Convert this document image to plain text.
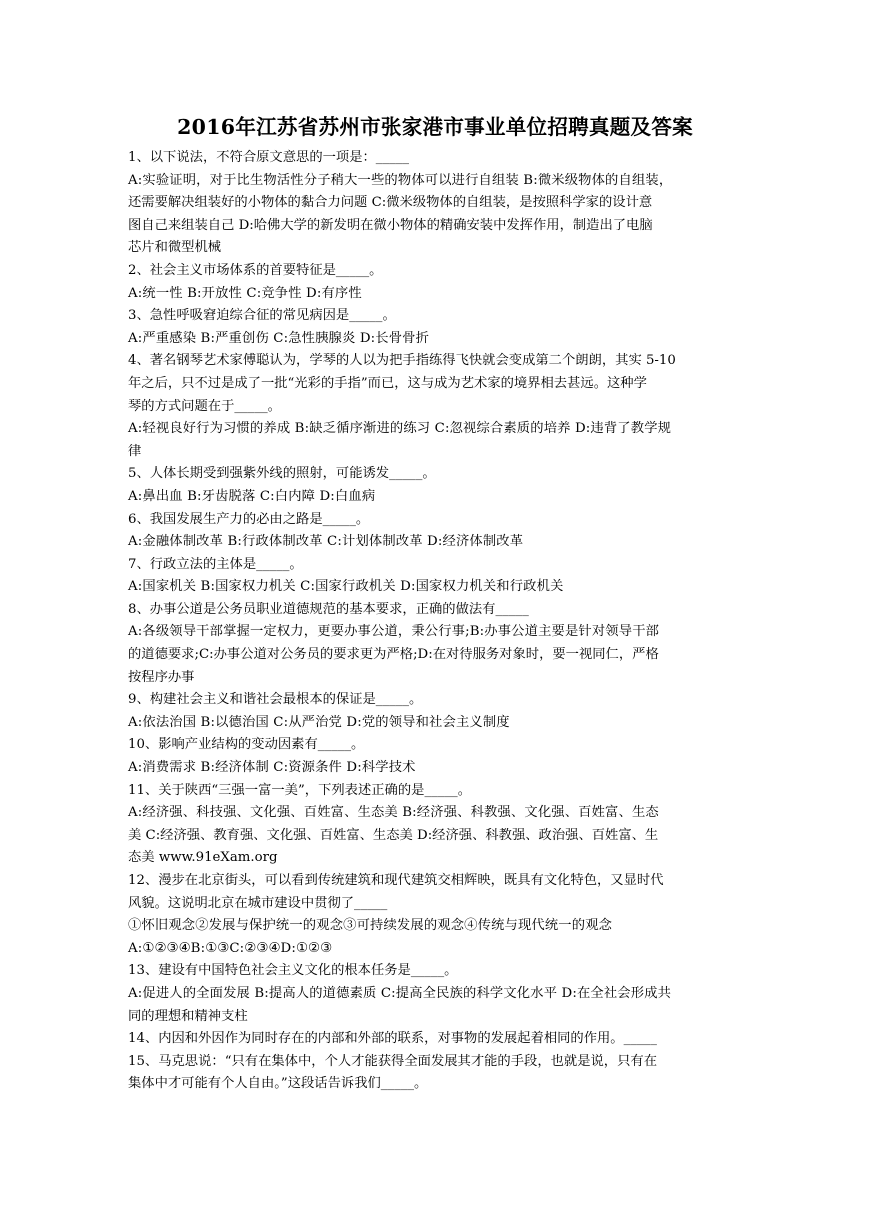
2016年江苏省苏州市张家港市事业单位招聘真题及答案
1、以下说法，不符合原文意思的一项是：_____
A:实验证明，对于比生物活性分子稍大一些的物体可以进行自组装 B:微米级物体的自组装，
还需要解决组装好的小物体的黏合力问题 C:微米级物体的自组装，是按照科学家的设计意
图自己来组装自己 D:哈佛大学的新发明在微小物体的精确安装中发挥作用，制造出了电脑
芯片和微型机械
2、社会主义市场体系的首要特征是_____。
A:统一性 B:开放性 C:竞争性 D:有序性
3、急性呼吸窘迫综合征的常见病因是_____。
A:严重感染 B:严重创伤 C:急性胰腺炎 D:长骨骨折
4、著名钢琴艺术家傅聪认为，学琴的人以为把手指练得飞快就会变成第二个朗朗，其实 5-10
年之后，只不过是成了一批“光彩的手指”而已，这与成为艺术家的境界相去甚远。这种学
琴的方式问题在于_____。
A:轻视良好行为习惯的养成 B:缺乏循序渐进的练习 C:忽视综合素质的培养 D:违背了教学规
律
5、人体长期受到强紫外线的照射，可能诱发_____。
A:鼻出血 B:牙齿脱落 C:白内障 D:白血病
6、我国发展生产力的必由之路是_____。
A:金融体制改革 B:行政体制改革 C:计划体制改革 D:经济体制改革
7、行政立法的主体是_____。
A:国家机关 B:国家权力机关 C:国家行政机关 D:国家权力机关和行政机关
8、办事公道是公务员职业道德规范的基本要求，正确的做法有_____
A:各级领导干部掌握一定权力，更要办事公道，秉公行事;B:办事公道主要是针对领导干部
的道德要求;C:办事公道对公务员的要求更为严格;D:在对待服务对象时，要一视同仁，严格
按程序办事
9、构建社会主义和谐社会最根本的保证是_____。
A:依法治国 B:以德治国 C:从严治党 D:党的领导和社会主义制度
10、影响产业结构的变动因素有_____。
A:消费需求 B:经济体制 C:资源条件 D:科学技术
11、关于陕西“三强一富一美”，下列表述正确的是_____。
A:经济强、科技强、文化强、百姓富、生态美 B:经济强、科教强、文化强、百姓富、生态
美 C:经济强、教育强、文化强、百姓富、生态美 D:经济强、科教强、政治强、百姓富、生
态美 www.91eXam.org
12、漫步在北京街头，可以看到传统建筑和现代建筑交相辉映，既具有文化特色，又显时代
风貌。这说明北京在城市建设中贯彻了_____
①怀旧观念②发展与保护统一的观念③可持续发展的观念④传统与现代统一的观念
A:①②③④B:①③C:②③④D:①②③
13、建设有中国特色社会主义文化的根本任务是_____。
A:促进人的全面发展 B:提高人的道德素质 C:提高全民族的科学文化水平 D:在全社会形成共
同的理想和精神支柱
14、内因和外因作为同时存在的内部和外部的联系，对事物的发展起着相同的作用。_____
15、马克思说：“只有在集体中，个人才能获得全面发展其才能的手段，也就是说，只有在
集体中才可能有个人自由。”这段话告诉我们_____。
